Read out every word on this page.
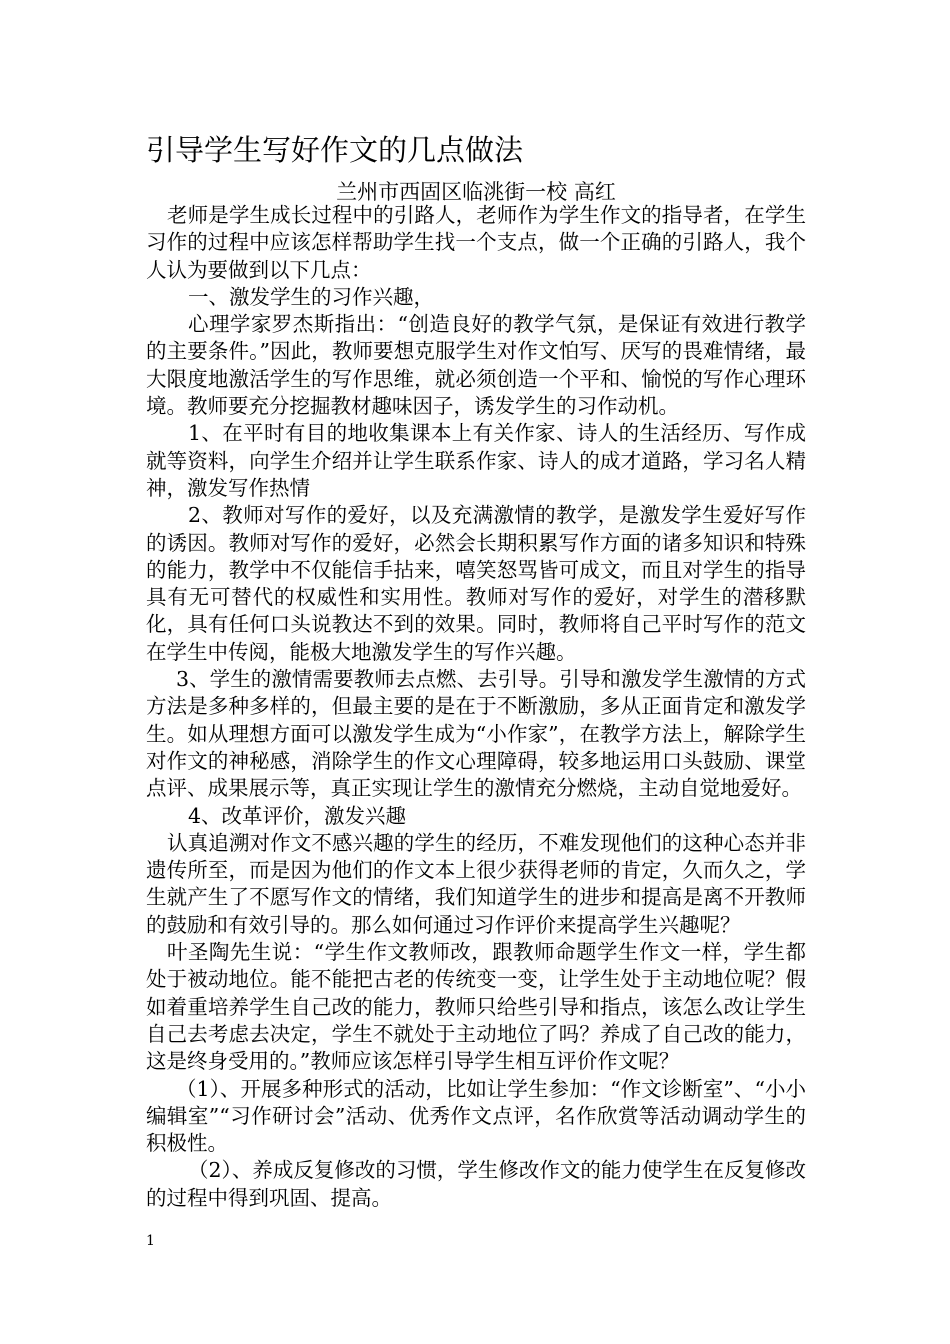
引导学生写好作文的几点做法
兰州市西固区临洮街一校 高红

老师是学生成长过程中的引路人，老师作为学生作文的指导者，在学生习作的过程中应该怎样帮助学生找一个支点，做一个正确的引路人，我个人认为要做到以下几点：

一、激发学生的习作兴趣，

心理学家罗杰斯指出：“创造良好的教学气氛，是保证有效进行教学的主要条件。”因此，教师要想克服学生对作文怕写、厌写的畏难情绪，最大限度地激活学生的写作思维，就必须创造一个平和、愉悦的写作心理环境。教师要充分挖掘教材趣味因子，诱发学生的习作动机。

1、在平时有目的地收集课本上有关作家、诗人的生活经历、写作成就等资料，向学生介绍并让学生联系作家、诗人的成才道路，学习名人精神，激发写作热情

2、教师对写作的爱好，以及充满激情的教学，是激发学生爱好写作的诱因。教师对写作的爱好，必然会长期积累写作方面的诸多知识和特殊的能力，教学中不仅能信手拈来，嘻笑怒骂皆可成文，而且对学生的指导具有无可替代的权威性和实用性。教师对写作的爱好，对学生的潜移默化，具有任何口头说教达不到的效果。同时，教师将自己平时写作的范文在学生中传阅，能极大地激发学生的写作兴趣。

3、学生的激情需要教师去点燃、去引导。引导和激发学生激情的方式方法是多种多样的，但最主要的是在于不断激励，多从正面肯定和激发学生。如从理想方面可以激发学生成为“小作家”，在教学方法上，解除学生对作文的神秘感，消除学生的作文心理障碍，较多地运用口头鼓励、课堂点评、成果展示等，真正实现让学生的激情充分燃烧，主动自觉地爱好。

4、改革评价，激发兴趣

认真追溯对作文不感兴趣的学生的经历，不难发现他们的这种心态并非遗传所至，而是因为他们的作文本上很少获得老师的肯定，久而久之，学生就产生了不愿写作文的情绪，我们知道学生的进步和提高是离不开教师的鼓励和有效引导的。那么如何通过习作评价来提高学生兴趣呢？

叶圣陶先生说：“学生作文教师改，跟教师命题学生作文一样，学生都处于被动地位。能不能把古老的传统变一变，让学生处于主动地位呢？假如着重培养学生自己改的能力，教师只给些引导和指点，该怎么改让学生自己去考虑去决定，学生不就处于主动地位了吗？养成了自己改的能力，这是终身受用的。”教师应该怎样引导学生相互评价作文呢？

（1）、开展多种形式的活动，比如让学生参加：“作文诊断室”、“小小编辑室”“习作研讨会”活动、优秀作文点评，名作欣赏等活动调动学生的积极性。

（2）、养成反复修改的习惯，学生修改作文的能力使学生在反复修改的过程中得到巩固、提高。

1
